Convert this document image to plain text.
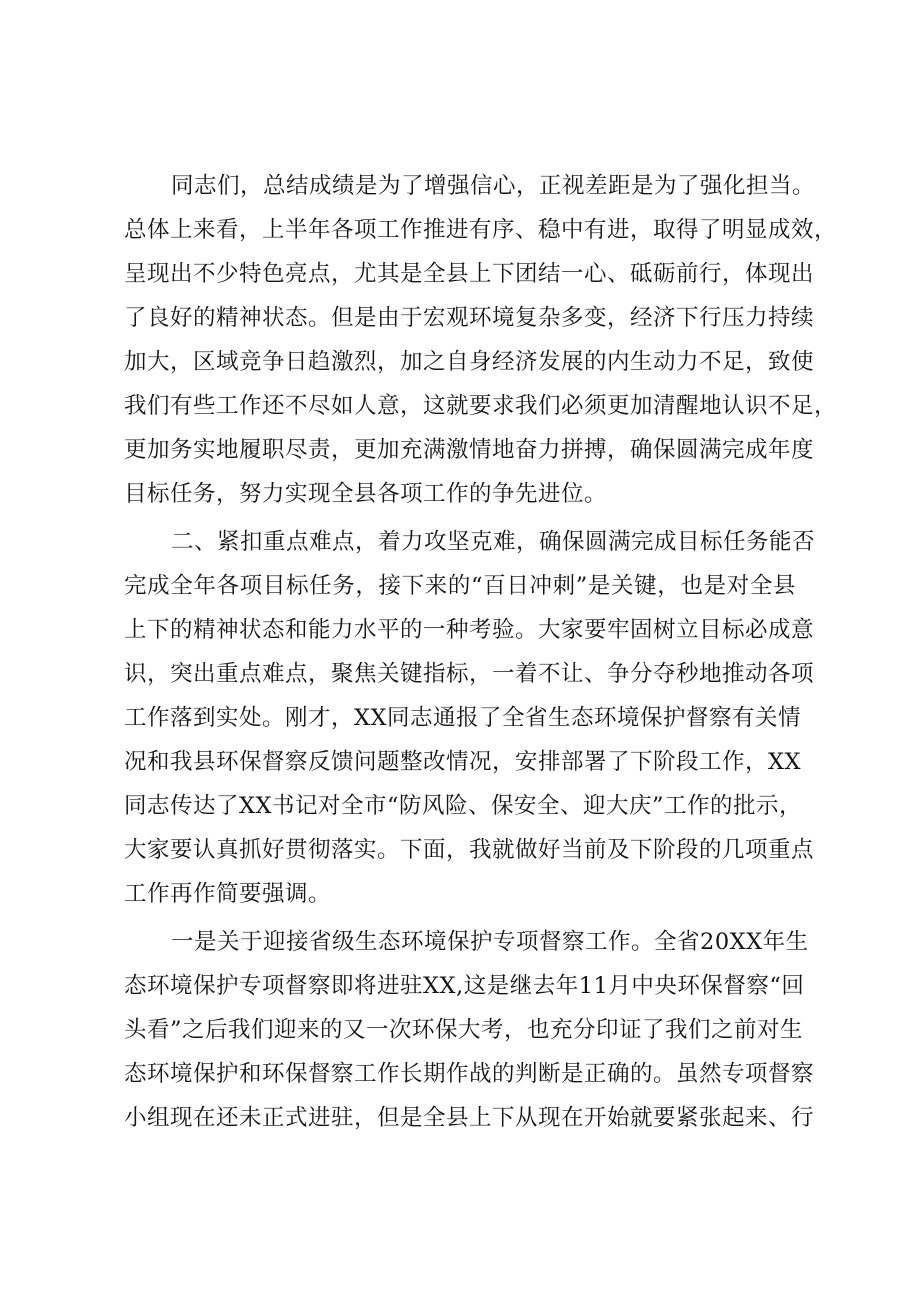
同志们，总结成绩是为了增强信心，正视差距是为了强化担当。
总体上来看，上半年各项工作推进有序、稳中有进，取得了明显成效，
呈现出不少特色亮点，尤其是全县上下团结一心、砥砺前行，体现出
了良好的精神状态。但是由于宏观环境复杂多变，经济下行压力持续
加大，区域竞争日趋激烈，加之自身经济发展的内生动力不足，致使
我们有些工作还不尽如人意，这就要求我们必须更加清醒地认识不足，
更加务实地履职尽责，更加充满激情地奋力拼搏，确保圆满完成年度
目标任务，努力实现全县各项工作的争先进位。
二、紧扣重点难点，着力攻坚克难，确保圆满完成目标任务能否
完成全年各项目标任务，接下来的“百日冲刺”是关键，也是对全县
上下的精神状态和能力水平的一种考验。大家要牢固树立目标必成意
识，突出重点难点，聚焦关键指标，一着不让、争分夺秒地推动各项
工作落到实处。刚才，XX同志通报了全省生态环境保护督察有关情
况和我县环保督察反馈问题整改情况，安排部署了下阶段工作，XX
同志传达了XX书记对全市“防风险、保安全、迎大庆”工作的批示，
大家要认真抓好贯彻落实。下面，我就做好当前及下阶段的几项重点
工作再作简要强调。
一是关于迎接省级生态环境保护专项督察工作。全省20XX年生
态环境保护专项督察即将进驻XX,这是继去年11月中央环保督察“回
头看”之后我们迎来的又一次环保大考，也充分印证了我们之前对生
态环境保护和环保督察工作长期作战的判断是正确的。虽然专项督察
小组现在还未正式进驻，但是全县上下从现在开始就要紧张起来、行
